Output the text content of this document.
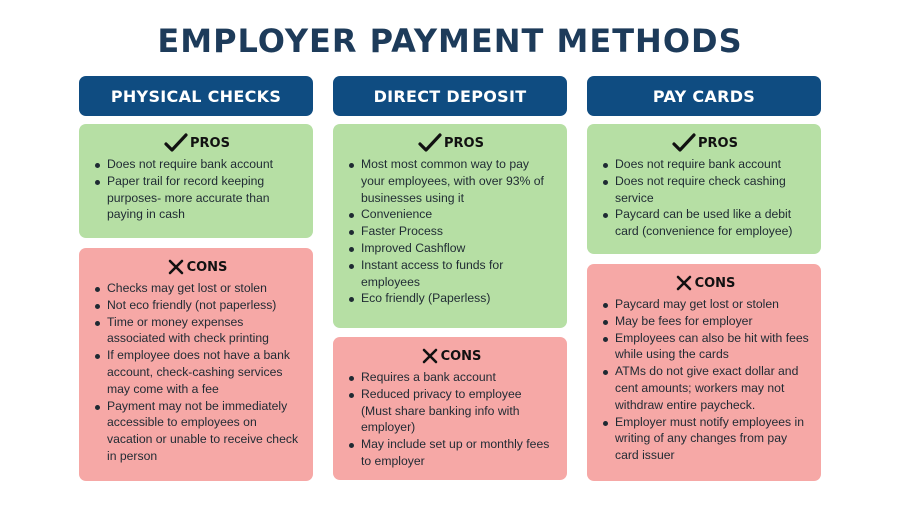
EMPLOYER PAYMENT METHODS
PHYSICAL CHECKS
PROS
Does not require bank account
Paper trail for record keeping purposes- more accurate than paying in cash
CONS
Checks may get lost or stolen
Not eco friendly (not paperless)
Time or money expenses associated with check printing
If employee does not have a bank account, check-cashing services may come with a fee
Payment may not be immediately accessible to employees on vacation or unable to receive check in person
DIRECT DEPOSIT
PROS
Most most common way to pay your employees, with over 93% of businesses using it
Convenience
Faster Process
Improved Cashflow
Instant access to funds for employees
Eco friendly (Paperless)
CONS
Requires a bank account
Reduced privacy to employee (Must share banking info with employer)
May include set up or monthly fees to employer
PAY CARDS
PROS
Does not require bank account
Does not require check cashing service
Paycard can be used like a debit card (convenience for employee)
CONS
Paycard may get lost or stolen
May be fees for employer
Employees can also be hit with fees while using the cards
ATMs do not give exact dollar and cent amounts; workers may not withdraw entire paycheck.
Employer must notify employees in writing of any changes from pay card issuer
